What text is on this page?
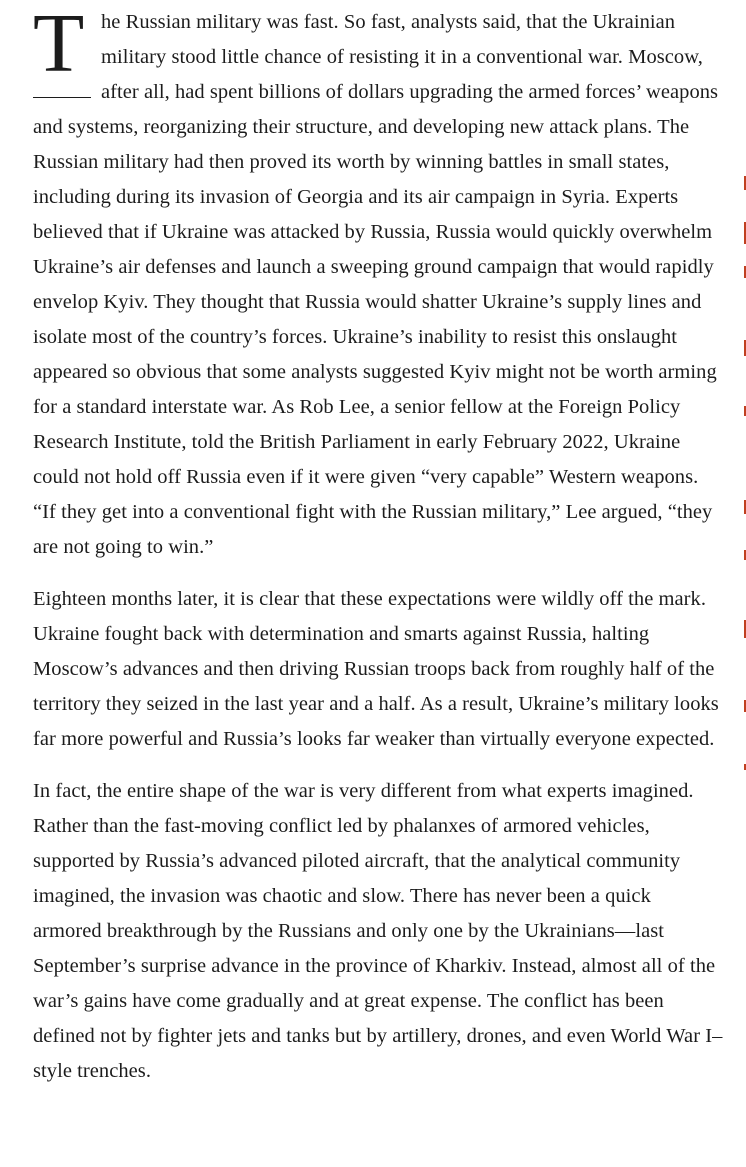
The Russian military was fast. So fast, analysts said, that the Ukrainian military stood little chance of resisting it in a conventional war. Moscow, after all, had spent billions of dollars upgrading the armed forces’ weapons and systems, reorganizing their structure, and developing new attack plans. The Russian military had then proved its worth by winning battles in small states, including during its invasion of Georgia and its air campaign in Syria. Experts believed that if Ukraine was attacked by Russia, Russia would quickly overwhelm Ukraine’s air defenses and launch a sweeping ground campaign that would rapidly envelop Kyiv. They thought that Russia would shatter Ukraine’s supply lines and isolate most of the country’s forces. Ukraine’s inability to resist this onslaught appeared so obvious that some analysts suggested Kyiv might not be worth arming for a standard interstate war. As Rob Lee, a senior fellow at the Foreign Policy Research Institute, told the British Parliament in early February 2022, Ukraine could not hold off Russia even if it were given “very capable” Western weapons. “If they get into a conventional fight with the Russian military,” Lee argued, “they are not going to win.”

Eighteen months later, it is clear that these expectations were wildly off the mark. Ukraine fought back with determination and smarts against Russia, halting Moscow’s advances and then driving Russian troops back from roughly half of the territory they seized in the last year and a half. As a result, Ukraine’s military looks far more powerful and Russia’s looks far weaker than virtually everyone expected.

In fact, the entire shape of the war is very different from what experts imagined. Rather than the fast-moving conflict led by phalanxes of armored vehicles, supported by Russia’s advanced piloted aircraft, that the analytical community imagined, the invasion was chaotic and slow. There has never been a quick armored breakthrough by the Russians and only one by the Ukrainians—last September’s surprise advance in the province of Kharkiv. Instead, almost all of the war’s gains have come gradually and at great expense. The conflict has been defined not by fighter jets and tanks but by artillery, drones, and even World War I–style trenches.
